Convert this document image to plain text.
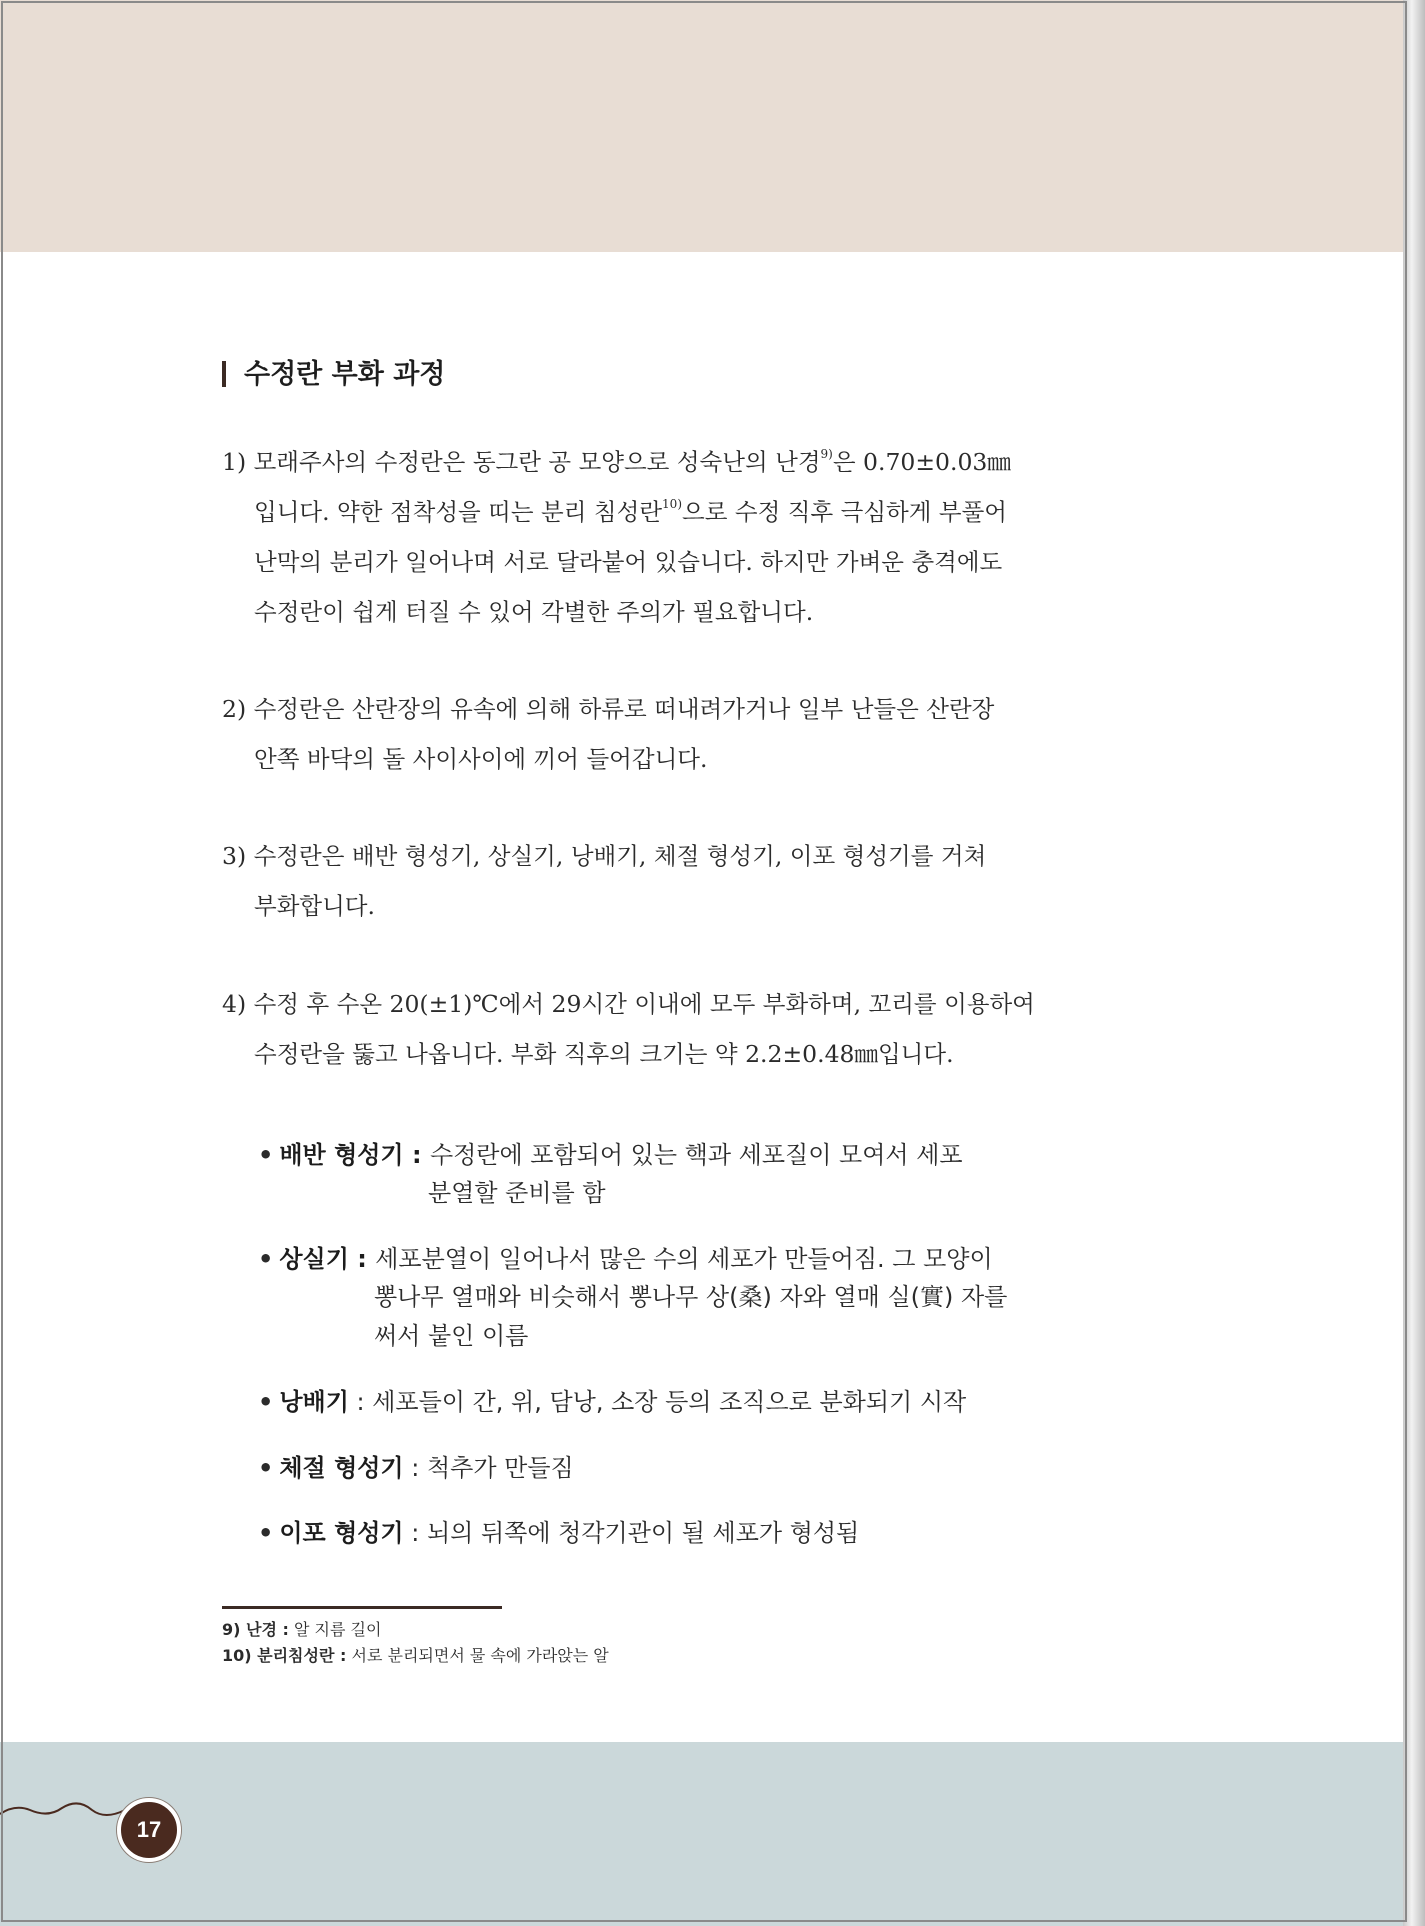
수정란 부화 과정
1) 모래주사의 수정란은 동그란 공 모양으로 성숙난의 난경$^{9)}$은 0.70±0.03㎜
입니다. 약한 점착성을 띠는 분리 침성란$^{10)}$으로 수정 직후 극심하게 부풀어
난막의 분리가 일어나며 서로 달라붙어 있습니다. 하지만 가벼운 충격에도
수정란이 쉽게 터질 수 있어 각별한 주의가 필요합니다.
2) 수정란은 산란장의 유속에 의해 하류로 떠내려가거나 일부 난들은 산란장
안쪽 바닥의 돌 사이사이에 끼어 들어갑니다.
3) 수정란은 배반 형성기, 상실기, 낭배기, 체절 형성기, 이포 형성기를 거쳐
부화합니다.
4) 수정 후 수온 20(±1)℃에서 29시간 이내에 모두 부화하며, 꼬리를 이용하여
수정란을 뚫고 나옵니다. 부화 직후의 크기는 약 2.2±0.48㎜입니다.
• 배반 형성기 : 수정란에 포함되어 있는 핵과 세포질이 모여서 세포
분열할 준비를 함
• 상실기 : 세포분열이 일어나서 많은 수의 세포가 만들어짐. 그 모양이
뽕나무 열매와 비슷해서 뽕나무 상(桑) 자와 열매 실(實) 자를
써서 붙인 이름
• 낭배기 : 세포들이 간, 위, 담낭, 소장 등의 조직으로 분화되기 시작
• 체절 형성기 : 척추가 만들짐
• 이포 형성기 : 뇌의 뒤쪽에 청각기관이 될 세포가 형성됨
9) 난경 : 알 지름 길이
10) 분리침성란 : 서로 분리되면서 물 속에 가라앉는 알
17
